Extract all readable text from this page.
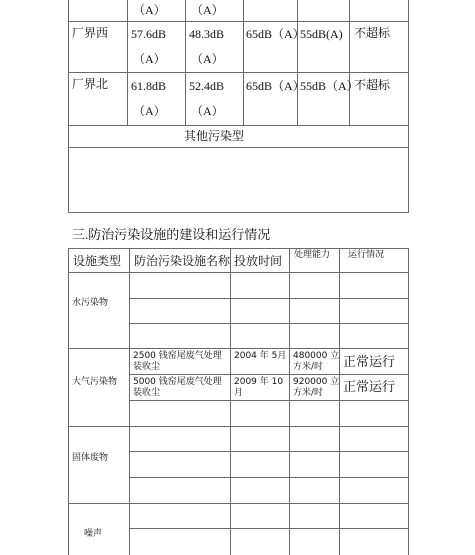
（A） （A）
厂界西 57.6dB
（A）
48.3dB
（A）
65dB（A）
55dB(A) 不超标
厂界北 61.8dB
（A）
52.4dB
（A）
65dB（A）
55dB（A）
不超标
其他污染型
三.防治污染设施的建设和运行情况
设施类型 防治污染设施名称 投放时间 处理能力 运行情况
水污染物
大气污染物
固体废物
噪声
2500 钱窑尾废气处理
装收尘
2004 年 5月 480000 立
方米/时 正常运行
5000 钱窑尾废气处理
装收尘
2009 年 10
月
920000 立
方米/时 正常运行
